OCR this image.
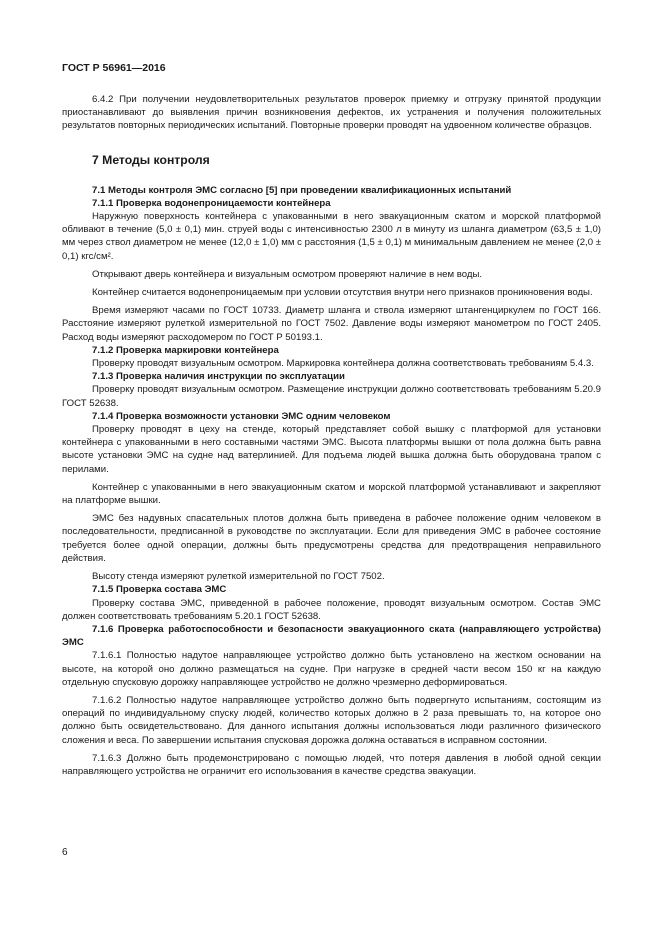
ГОСТ Р 56961—2016

6.4.2 При получении неудовлетворительных результатов проверок приемку и отгрузку принятой продукции приостанавливают до выявления причин возникновения дефектов, их устранения и получения положительных результатов повторных периодических испытаний. Повторные проверки проводят на удвоенном количестве образцов.

7 Методы контроля

7.1 Методы контроля ЭМС согласно [5] при проведении квалификационных испытаний

7.1.1 Проверка водонепроницаемости контейнера

Наружную поверхность контейнера с упакованными в него эвакуационным скатом и морской платформой обливают в течение (5,0 ± 0,1) мин. струей воды с интенсивностью 2300 л в минуту из шланга диаметром (63,5 ± 1,0) мм через ствол диаметром не менее (12,0 ± 1,0) мм с расстояния (1,5 ± 0,1) м минимальным давлением не менее (2,0 ± 0,1) кгс/см².

Открывают дверь контейнера и визуальным осмотром проверяют наличие в нем воды.

Контейнер считается водонепроницаемым при условии отсутствия внутри него признаков проникновения воды.

Время измеряют часами по ГОСТ 10733. Диаметр шланга и ствола измеряют штангенциркулем по ГОСТ 166. Расстояние измеряют рулеткой измерительной по ГОСТ 7502. Давление воды измеряют манометром по ГОСТ 2405. Расход воды измеряют расходомером по ГОСТ Р 50193.1.

7.1.2 Проверка маркировки контейнера

Проверку проводят визуальным осмотром. Маркировка контейнера должна соответствовать требованиям 5.4.3.

7.1.3 Проверка наличия инструкции по эксплуатации

Проверку проводят визуальным осмотром. Размещение инструкции должно соответствовать требованиям 5.20.9 ГОСТ 52638.

7.1.4 Проверка возможности установки ЭМС одним человеком

Проверку проводят в цеху на стенде, который представляет собой вышку с платформой для установки контейнера с упакованными в него составными частями ЭМС. Высота платформы вышки от пола должна быть равна высоте установки ЭМС на судне над ватерлинией. Для подъема людей вышка должна быть оборудована трапом с перилами.

Контейнер с упакованными в него эвакуационным скатом и морской платформой устанавливают и закрепляют на платформе вышки.

ЭМС без надувных спасательных плотов должна быть приведена в рабочее положение одним человеком в последовательности, предписанной в руководстве по эксплуатации. Если для приведения ЭМС в рабочее состояние требуется более одной операции, должны быть предусмотрены средства для предотвращения неправильного действия.

Высоту стенда измеряют рулеткой измерительной по ГОСТ 7502.

7.1.5 Проверка состава ЭМС

Проверку состава ЭМС, приведенной в рабочее положение, проводят визуальным осмотром. Состав ЭМС должен соответствовать требованиям 5.20.1 ГОСТ 52638.

7.1.6 Проверка работоспособности и безопасности эвакуационного ската (направляющего устройства) ЭМС

7.1.6.1 Полностью надутое направляющее устройство должно быть установлено на жестком основании на высоте, на которой оно должно размещаться на судне. При нагрузке в средней части весом 150 кг на каждую отдельную спусковую дорожку направляющее устройство не должно чрезмерно деформироваться.

7.1.6.2 Полностью надутое направляющее устройство должно быть подвергнуто испытаниям, состоящим из операций по индивидуальному спуску людей, количество которых должно в 2 раза превышать то, на которое оно должно быть освидетельствовано. Для данного испытания должны использоваться люди различного физического сложения и веса. По завершении испытания спусковая дорожка должна оставаться в исправном состоянии.

7.1.6.3 Должно быть продемонстрировано с помощью людей, что потеря давления в любой одной секции направляющего устройства не ограничит его использования в качестве средства эвакуации.

6
